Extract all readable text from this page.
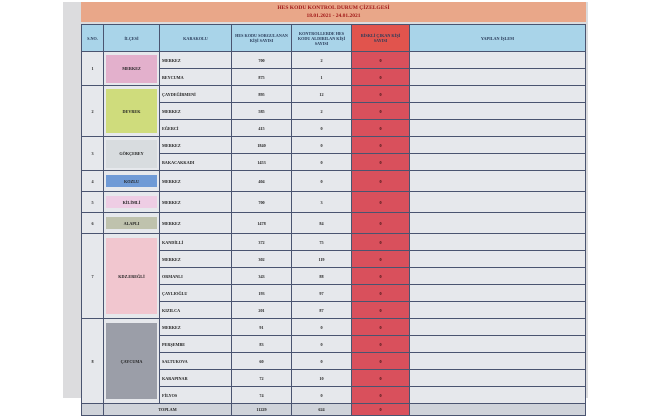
HES KODU KONTROL DURUM ÇİZELGESİ
18.01.2021 - 24.01.2021
S.NO.	İLÇESİ	KARAKOLU	HES KODU SORGULANAN KİŞİ SAYISI	KONTROLLERDE HES KODU ALDIRILAN KİŞİ SAYISI	RİSKLİ ÇIKAN KİŞİ SAYISI	YAPILAN İŞLEM
1	MERKEZ	MERKEZ	700	2	0	
		BEYCUMA	875	1	0	
2	DEVREK	ÇAYDEĞİRMENİ	895	12	0	
		MERKEZ	585	2	0	
		EĞERCİ	415	0	0	
3	GÖKÇEBEY	MERKEZ	1840	0	0	
		BAKACAKKADI	1453	0	0	
4	KOZLU	MERKEZ	404	0	0	
5	KİLİMLİ	MERKEZ	700	3	0	
6	ALAPLI	MERKEZ	1478	84	0	
7	KDZ.EREĞLİ	KANDİLLİ	372	75	0	
		MERKEZ	302	119	0	
		ORMANLI	343	88	0	
		ÇAYLIOĞLU	193	97	0	
		KIZILCA	201	87	0	
8	ÇAYCUMA	MERKEZ	91	0	0	
		PERŞEMBE	83	0	0	
		SALTUKOVA	60	0	0	
		KARAPINAR	72	10	0	
		FİLYOS	74	0	0	
	TOPLAM		11229	624	0	
